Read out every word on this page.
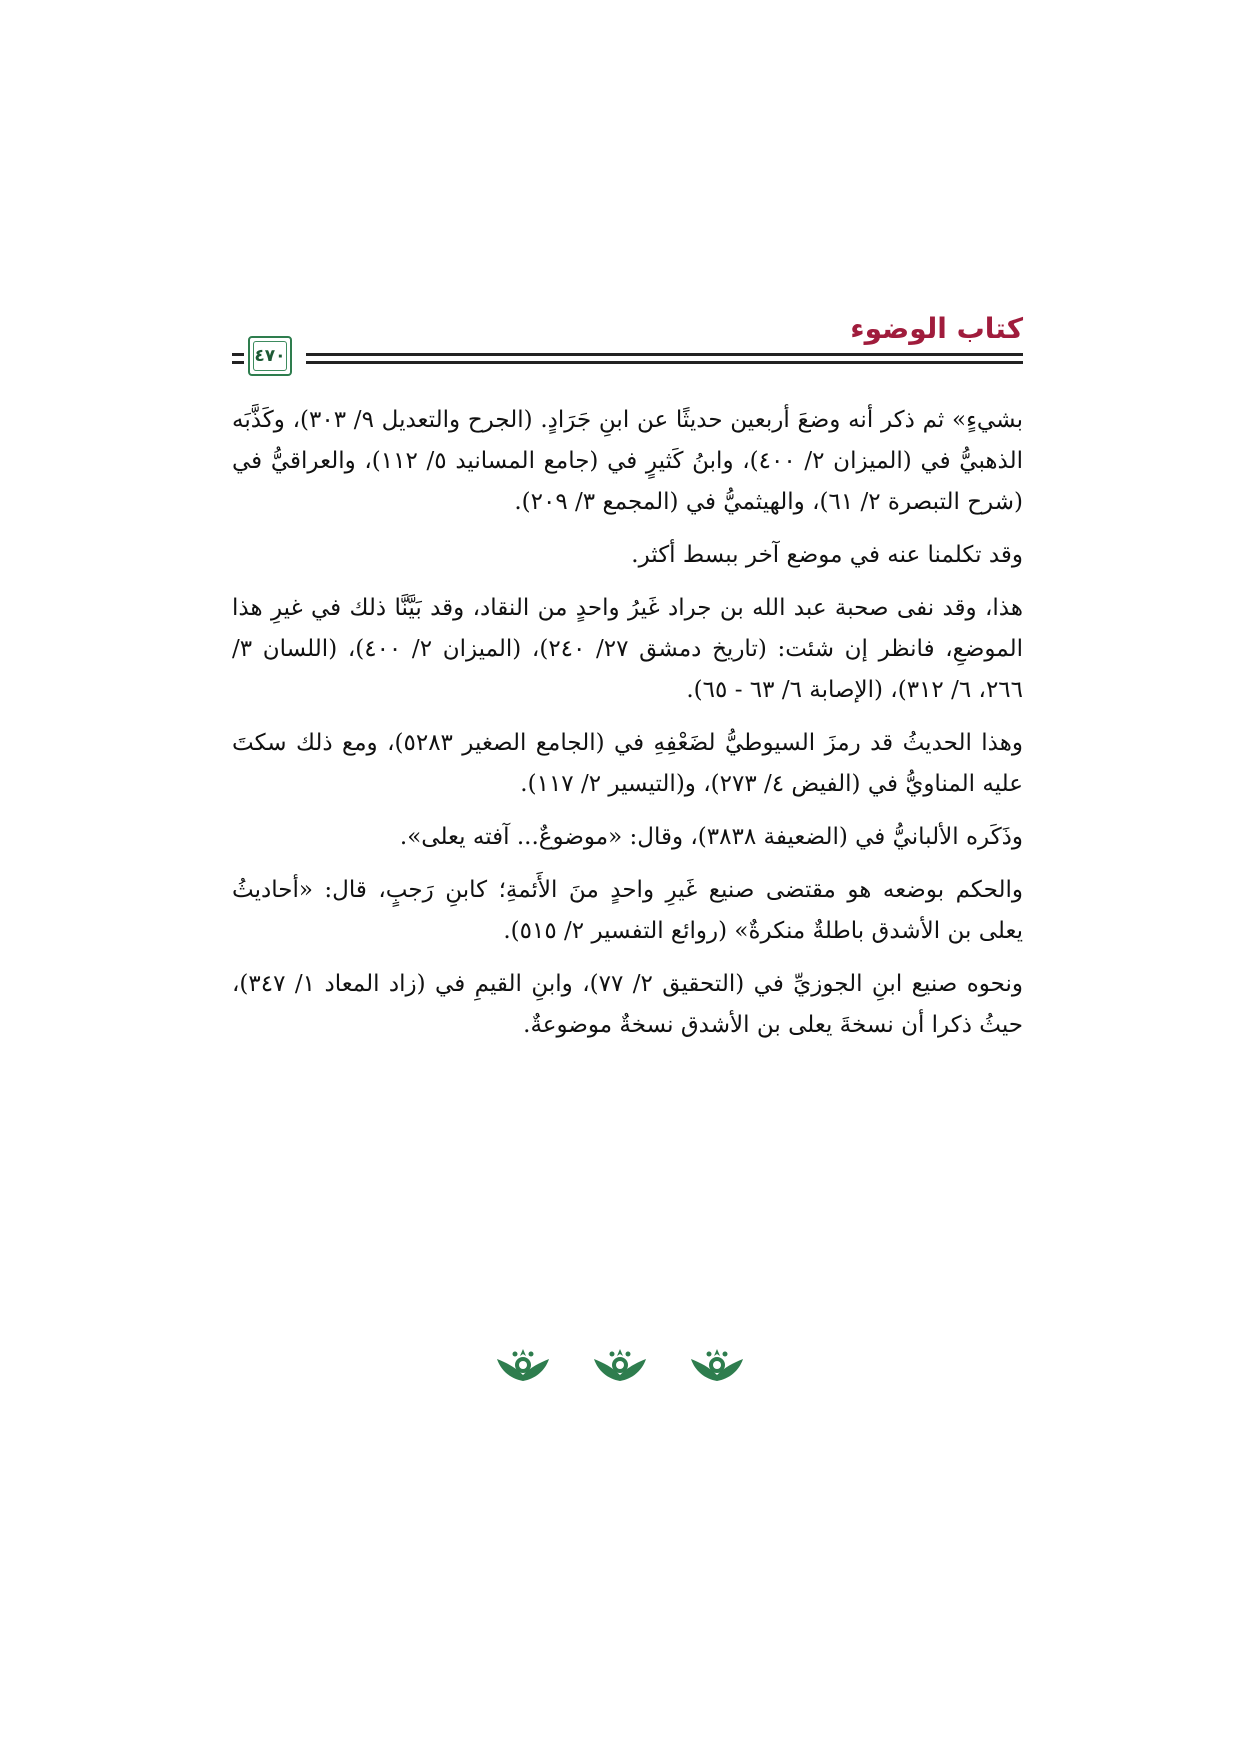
كتاب الوضوء
٤٧٠

بشيءٍ» ثم ذكر أنه وضعَ أربعين حديثًا عن ابنِ جَرَادٍ. (الجرح والتعديل ٩/ ٣٠٣)، وكَذَّبَه الذهبيُّ في (الميزان ٢/ ٤٠٠)، وابنُ كَثيرٍ في (جامع المسانيد ٥/ ١١٢)، والعراقيُّ في (شرح التبصرة ٢/ ٦١)، والهيثميُّ في (المجمع ٣/ ٢٠٩).

وقد تكلمنا عنه في موضع آخر ببسط أكثر.

هذا، وقد نفى صحبة عبد الله بن جراد غَيرُ واحدٍ من النقاد، وقد بَيَّنَّا ذلك في غيرِ هذا الموضعِ، فانظر إن شئت: (تاريخ دمشق ٢٧/ ٢٤٠)، (الميزان ٢/ ٤٠٠)، (اللسان ٣/ ٢٦٦، ٦/ ٣١٢)، (الإصابة ٦/ ٦٣ - ٦٥).

وهذا الحديثُ قد رمزَ السيوطيُّ لضَعْفِهِ في (الجامع الصغير ٥٢٨٣)، ومع ذلك سكتَ عليه المناويُّ في (الفيض ٤/ ٢٧٣)، و(التيسير ٢/ ١١٧).

وذَكَره الألبانيُّ في (الضعيفة ٣٨٣٨)، وقال: «موضوعٌ... آفته يعلى».

والحكم بوضعه هو مقتضى صنيع غَيرِ واحدٍ منَ الأَئمةِ؛ كابنِ رَجبٍ، قال: «أحاديثُ يعلى بن الأشدق باطلةٌ منكرةٌ» (روائع التفسير ٢/ ٥١٥).

ونحوه صنيع ابنِ الجوزيِّ في (التحقيق ٢/ ٧٧)، وابنِ القيمِ في (زاد المعاد ١/ ٣٤٧)، حيثُ ذكرا أن نسخةَ يعلى بن الأشدق نسخةٌ موضوعةٌ.
